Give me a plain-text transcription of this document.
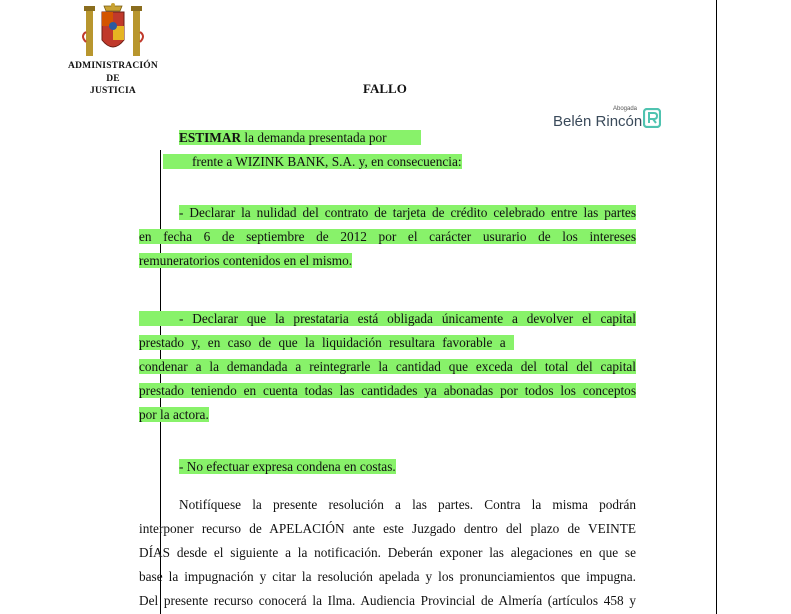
ADMINISTRACIÓN
DE
JUSTICIA	FALLO
Abogada
Belén Rincón
ESTIMAR la demanda presentada por
frente a WIZINK BANK, S.A. y, en consecuencia:
- Declarar la nulidad del contrato de tarjeta de crédito celebrado entre las partes
en fecha 6 de septiembre de 2012 por el carácter usurario de los intereses
remuneratorios contenidos en el mismo.
- Declarar que la prestataria está obligada únicamente a devolver el capital
prestado y, en caso de que la liquidación resultara favorable a
condenar a la demandada a reintegrarle la cantidad que exceda del total del capital
prestado teniendo en cuenta todas las cantidades ya abonadas por todos los conceptos
por la actora.
- No efectuar expresa condena en costas.
Notifíquese la presente resolución a las partes. Contra la misma podrán
interponer recurso de APELACIÓN ante este Juzgado dentro del plazo de VEINTE
DÍAS desde el siguiente a la notificación. Deberán exponer las alegaciones en que se
base la impugnación y citar la resolución apelada y los pronunciamientos que impugna.
Del presente recurso conocerá la Ilma. Audiencia Provincial de Almería (artículos 458 y
